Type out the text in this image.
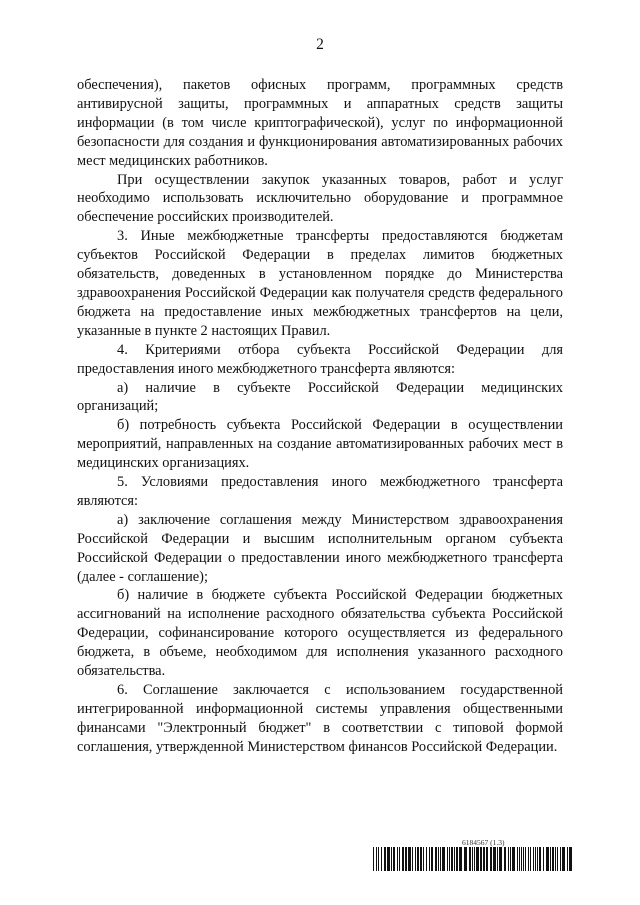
2

обеспечения), пакетов офисных программ, программных средств антивирусной защиты, программных и аппаратных средств защиты информации (в том числе криптографической), услуг по информационной безопасности для создания и функционирования автоматизированных рабочих мест медицинских работников.

При осуществлении закупок указанных товаров, работ и услуг необходимо использовать исключительно оборудование и программное обеспечение российских производителей.

3. Иные межбюджетные трансферты предоставляются бюджетам субъектов Российской Федерации в пределах лимитов бюджетных обязательств, доведенных в установленном порядке до Министерства здравоохранения Российской Федерации как получателя средств федерального бюджета на предоставление иных межбюджетных трансфертов на цели, указанные в пункте 2 настоящих Правил.

4. Критериями отбора субъекта Российской Федерации для предоставления иного межбюджетного трансферта являются:

а) наличие в субъекте Российской Федерации медицинских организаций;

б) потребность субъекта Российской Федерации в осуществлении мероприятий, направленных на создание автоматизированных рабочих мест в медицинских организациях.

5. Условиями предоставления иного межбюджетного трансферта являются:

а) заключение соглашения между Министерством здравоохранения Российской Федерации и высшим исполнительным органом субъекта Российской Федерации о предоставлении иного межбюджетного трансферта (далее - соглашение);

б) наличие в бюджете субъекта Российской Федерации бюджетных ассигнований на исполнение расходного обязательства субъекта Российской Федерации, софинансирование которого осуществляется из федерального бюджета, в объеме, необходимом для исполнения указанного расходного обязательства.

6. Соглашение заключается с использованием государственной интегрированной информационной системы управления общественными финансами "Электронный бюджет" в соответствии с типовой формой соглашения, утвержденной Министерством финансов Российской Федерации.

6184567 (1.3)
